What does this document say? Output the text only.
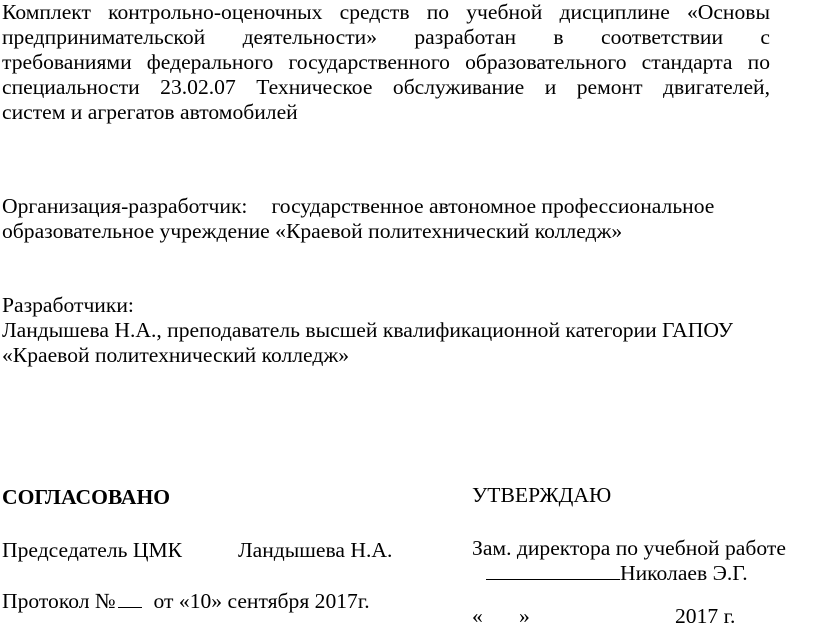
Комплект контрольно-оценочных средств по учебной дисциплине «Основы
предпринимательской деятельности» разработан в соответствии с
требованиями федерального государственного образовательного стандарта по
специальности 23.02.07 Техническое обслуживание и ремонт двигателей,
систем и агрегатов автомобилей
Организация-разработчик: государственное автономное профессиональное
образовательное учреждение «Краевой политехнический колледж»
Разработчики:
Ландышева Н.А., преподаватель высшей квалификационной категории ГАПОУ
«Краевой политехнический колледж»
СОГЛАСОВАНО
Председатель ЦМК	Ландышева Н.А.
Протокол № от «10» сентября 2017г.
УТВЕРЖДАЮ
Зам. директора по учебной работе
Николаев Э.Г.
« »	2017 г.
